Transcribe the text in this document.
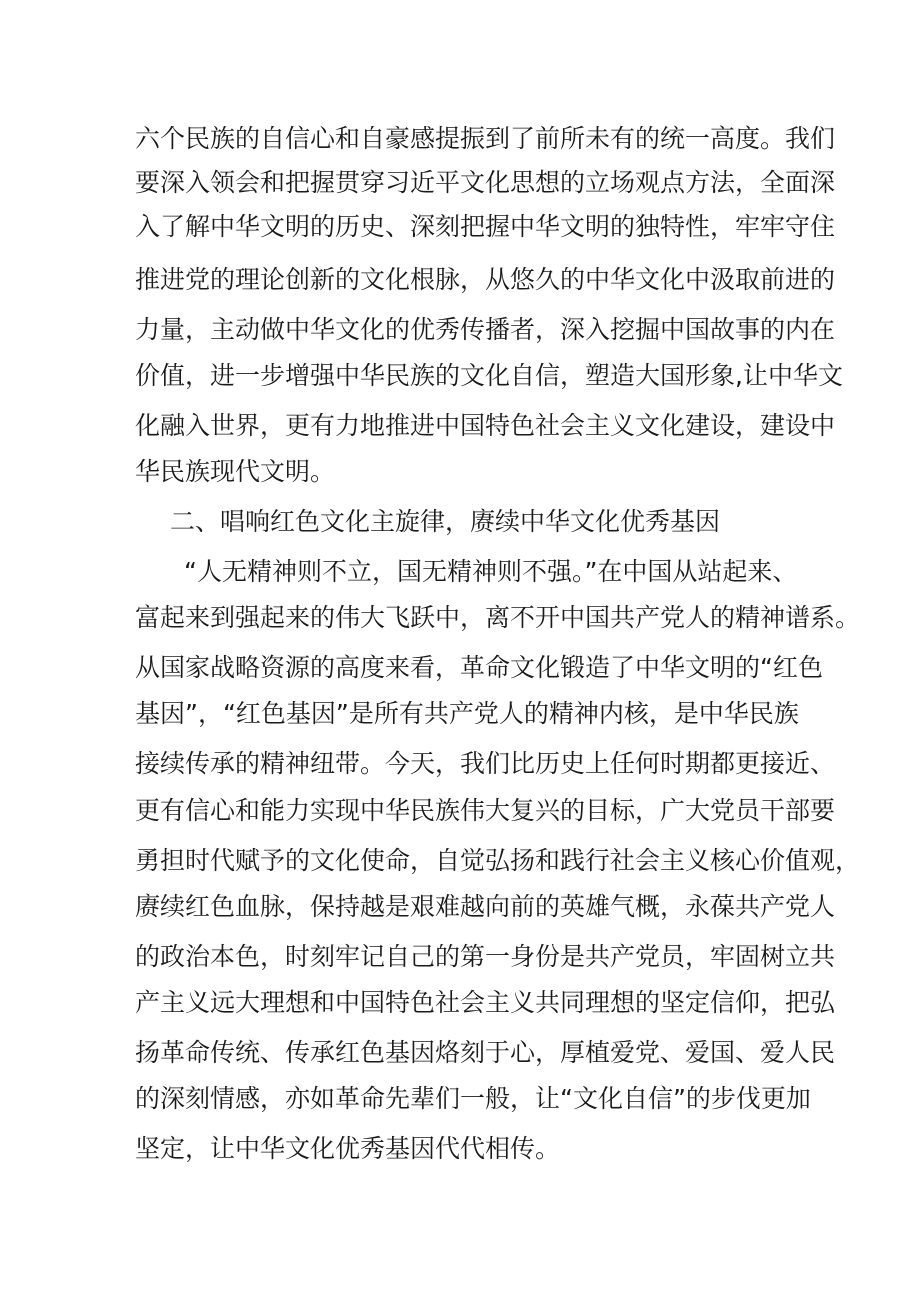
六个民族的自信心和自豪感提振到了前所未有的统一高度。我们

要深入领会和把握贯穿习近平文化思想的立场观点方法，全面深

入了解中华文明的历史、深刻把握中华文明的独特性，牢牢守住

推进党的理论创新的文化根脉，从悠久的中华文化中汲取前进的

力量，主动做中华文化的优秀传播者，深入挖掘中国故事的内在

价值，进一步增强中华民族的文化自信，塑造大国形象,让中华文

化融入世界，更有力地推进中国特色社会主义文化建设，建设中

华民族现代文明。

二、唱响红色文化主旋律，赓续中华文化优秀基因

“人无精神则不立，国无精神则不强。”在中国从站起来、

富起来到强起来的伟大飞跃中，离不开中国共产党人的精神谱系。

从国家战略资源的高度来看，革命文化锻造了中华文明的“红色

基因”，“红色基因”是所有共产党人的精神内核，是中华民族

接续传承的精神纽带。今天，我们比历史上任何时期都更接近、

更有信心和能力实现中华民族伟大复兴的目标，广大党员干部要

勇担时代赋予的文化使命，自觉弘扬和践行社会主义核心价值观，

赓续红色血脉，保持越是艰难越向前的英雄气概，永葆共产党人

的政治本色，时刻牢记自己的第一身份是共产党员，牢固树立共

产主义远大理想和中国特色社会主义共同理想的坚定信仰，把弘

扬革命传统、传承红色基因烙刻于心，厚植爱党、爱国、爱人民

的深刻情感，亦如革命先辈们一般，让“文化自信”的步伐更加

坚定，让中华文化优秀基因代代相传。
